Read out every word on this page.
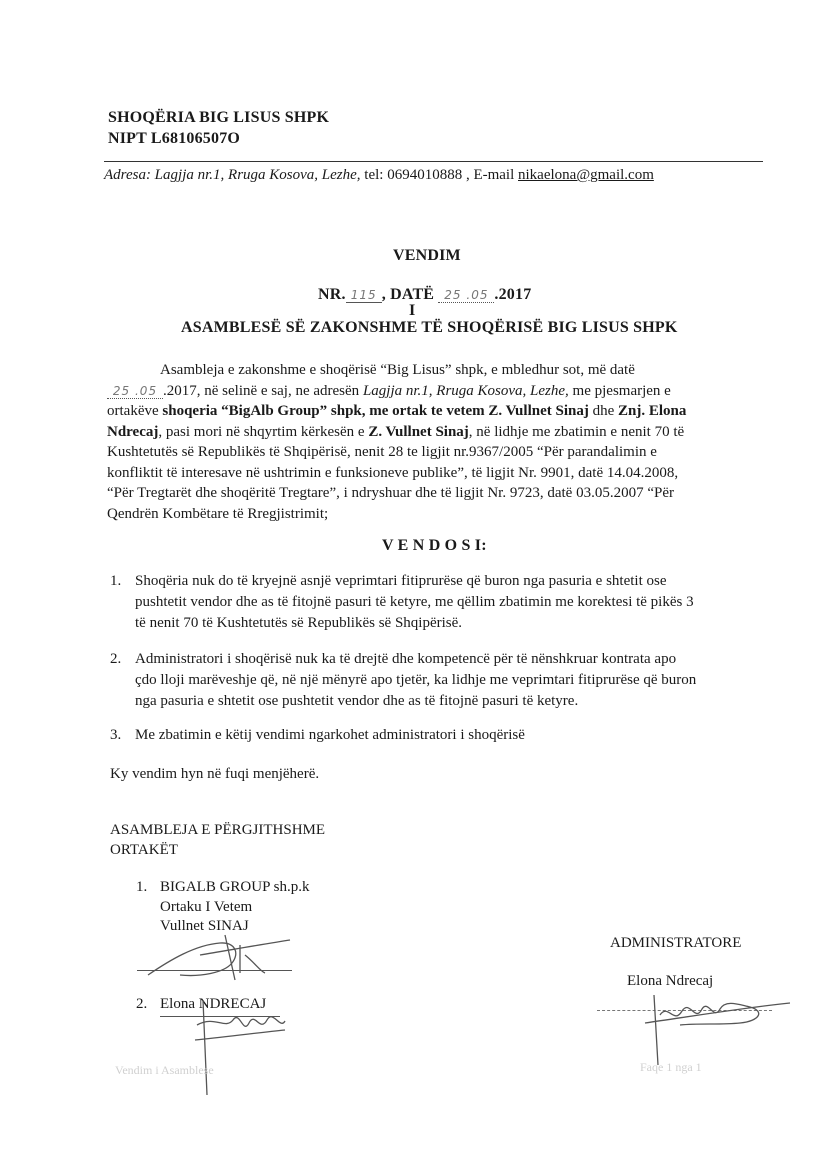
SHOQËRIA BIG LISUS SHPK
NIPT L68106507O
Adresa: Lagjja nr.1, Rruga Kosova, Lezhe, tel: 0694010888 , E-mail nikaelona@gmail.com
VENDIM
NR. 115 , DATË 25 .05 .2017
I
ASAMBLESË SË ZAKONSHME TË SHOQËRISË BIG LISUS SHPK
Asambleja e zakonshme e shoqërisë “Big Lisus” shpk, e mbledhur sot, më datë
25 .05 .2017, në selinë e saj, ne adresën Lagjja nr.1, Rruga Kosova, Lezhe, me pjesmarjen e
ortakëve shoqeria “BigAlb Group” shpk, me ortak te vetem Z. Vullnet Sinaj dhe Znj. Elona
Ndrecaj, pasi mori në shqyrtim kërkesën e Z. Vullnet Sinaj, në lidhje me zbatimin e nenit 70 të
Kushtetutës së Republikës të Shqipërisë, nenit 28 te ligjit nr.9367/2005 “Për parandalimin e
konfliktit të interesave në ushtrimin e funksioneve publike”, të ligjit Nr. 9901, datë 14.04.2008,
“Për Tregtarët dhe shoqëritë Tregtare”, i ndryshuar dhe të ligjit Nr. 9723, datë 03.05.2007 “Për
Qendrën Kombëtare të Rregjistrimit;
V E N D O S I:
1. Shoqëria nuk do të kryejnë asnjë veprimtari fitiprurëse që buron nga pasuria e shtetit ose
pushtetit vendor dhe as të fitojnë pasuri të ketyre, me qëllim zbatimin me korektesi të pikës 3
të nenit 70 të Kushtetutës së Republikës së Shqipërisë.
2. Administratori i shoqërisë nuk ka të drejtë dhe kompetencë për të nënshkruar kontrata apo
çdo lloji marëveshje që, në një mënyrë apo tjetër, ka lidhje me veprimtari fitiprurëse që buron
nga pasuria e shtetit ose pushtetit vendor dhe as të fitojnë pasuri të ketyre.
3. Me zbatimin e këtij vendimi ngarkohet administratori i shoqërisë
Ky vendim hyn në fuqi menjëherë.
ASAMBLEJA E PËRGJITHSHME
ORTAKËT
1. BIGALB GROUP sh.p.k
Ortaku I Vetem
Vullnet SINAJ
2. Elona NDRECAJ
ADMINISTRATORE
Elona Ndrecaj
Vendim i Asamblese	Faqe 1 nga 1
